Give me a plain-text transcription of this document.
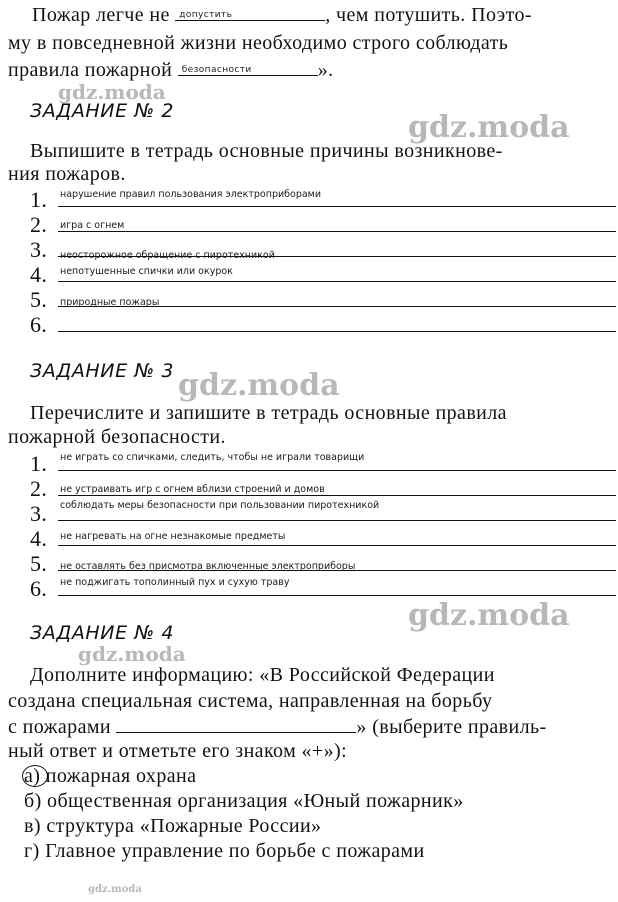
Пожар легче не допустить	, чем потушить. Поэто-
му в повседневной жизни необходимо строго соблюдать
правила пожарной безопасности	».
gdz.moda
gdz.moda
gdz.moda
gdz.moda
gdz.moda
gdz.moda
ЗАДАНИЕ № 2
Выпишите в тетрадь основные причины возникнове-
ния пожаров.
1.	нарушение правил пользования электроприборами
2.	игра с огнем
3.	неосторожное обращение с пиротехникой
4.	непотушенные спички или окурок
5.	природные пожары
6.
ЗАДАНИЕ № 3
Перечислите и запишите в тетрадь основные правила
пожарной безопасности.
1.	не играть со спичками, следить, чтобы не играли товарищи
2.	не устраивать игр с огнем вблизи строений и домов
3.	соблюдать меры безопасности при пользовании пиротехникой
4.	не нагревать на огне незнакомые предметы
5.	не оставлять без присмотра включенные электроприборы
6.	не поджигать тополинный пух и сухую траву
ЗАДАНИЕ № 4
Дополните информацию: «В Российской Федерации
создана специальная система, направленная на борьбу
с пожарами	» (выберите правиль-
ный ответ и отметьте его знаком «+»):
а) пожарная охрана
б) общественная организация «Юный пожарник»
в) структура «Пожарные России»
г) Главное управление по борьбе с пожарами
